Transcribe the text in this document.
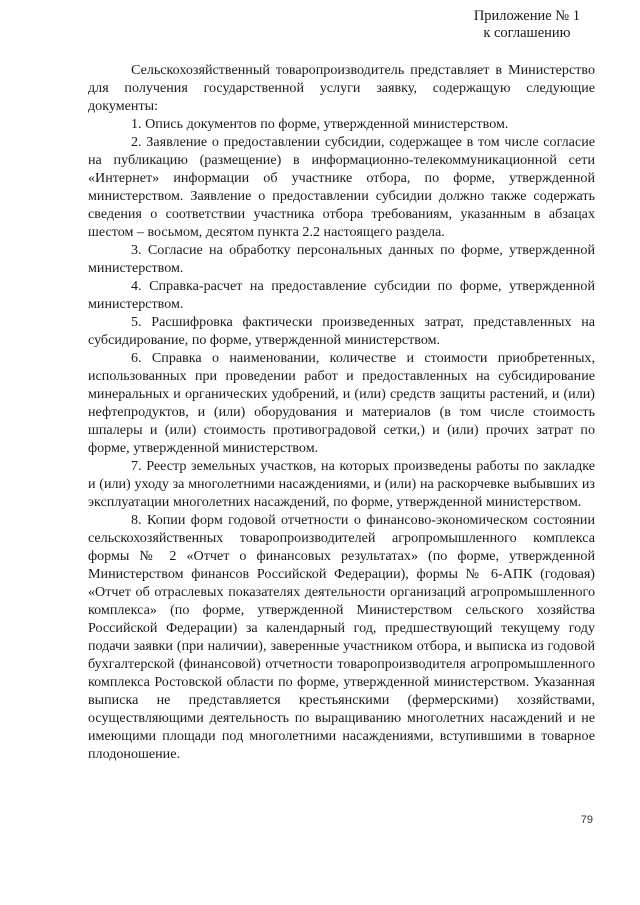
Приложение № 1
к соглашению

Сельскохозяйственный товаропроизводитель представляет в Министерство для получения государственной услуги заявку, содержащую следующие документы:

1. Опись документов по форме, утвержденной министерством.

2. Заявление о предоставлении субсидии, содержащее в том числе согласие на публикацию (размещение) в информационно-телекоммуникационной сети «Интернет» информации об участнике отбора, по форме, утвержденной министерством. Заявление о предоставлении субсидии должно также содержать сведения о соответствии участника отбора требованиям, указанным в абзацах шестом – восьмом, десятом пункта 2.2 настоящего раздела.

3. Согласие на обработку персональных данных по форме, утвержденной министерством.

4. Справка-расчет на предоставление субсидии по форме, утвержденной министерством.

5. Расшифровка фактически произведенных затрат, представленных на субсидирование, по форме, утвержденной министерством.

6. Справка о наименовании, количестве и стоимости приобретенных, использованных при проведении работ и предоставленных на субсидирование минеральных и органических удобрений, и (или) средств защиты растений, и (или) нефтепродуктов, и (или) оборудования и материалов (в том числе стоимость шпалеры и (или) стоимость противоградовой сетки,) и (или) прочих затрат по форме, утвержденной министерством.

7. Реестр земельных участков, на которых произведены работы по закладке и (или) уходу за многолетними насаждениями, и (или) на раскорчевке выбывших из эксплуатации многолетних насаждений, по форме, утвержденной министерством.

8. Копии форм годовой отчетности о финансово-экономическом состоянии сельскохозяйственных товаропроизводителей агропромышленного комплекса формы № 2 «Отчет о финансовых результатах» (по форме, утвержденной Министерством финансов Российской Федерации), формы № 6-АПК (годовая) «Отчет об отраслевых показателях деятельности организаций агропромышленного комплекса» (по форме, утвержденной Министерством сельского хозяйства Российской Федерации) за календарный год, предшествующий текущему году подачи заявки (при наличии), заверенные участником отбора, и выписка из годовой бухгалтерской (финансовой) отчетности товаропроизводителя агропромышленного комплекса Ростовской области по форме, утвержденной министерством. Указанная выписка не представляется крестьянскими (фермерскими) хозяйствами, осуществляющими деятельность по выращиванию многолетних насаждений и не имеющими площади под многолетними насаждениями, вступившими в товарное плодоношение.

79
